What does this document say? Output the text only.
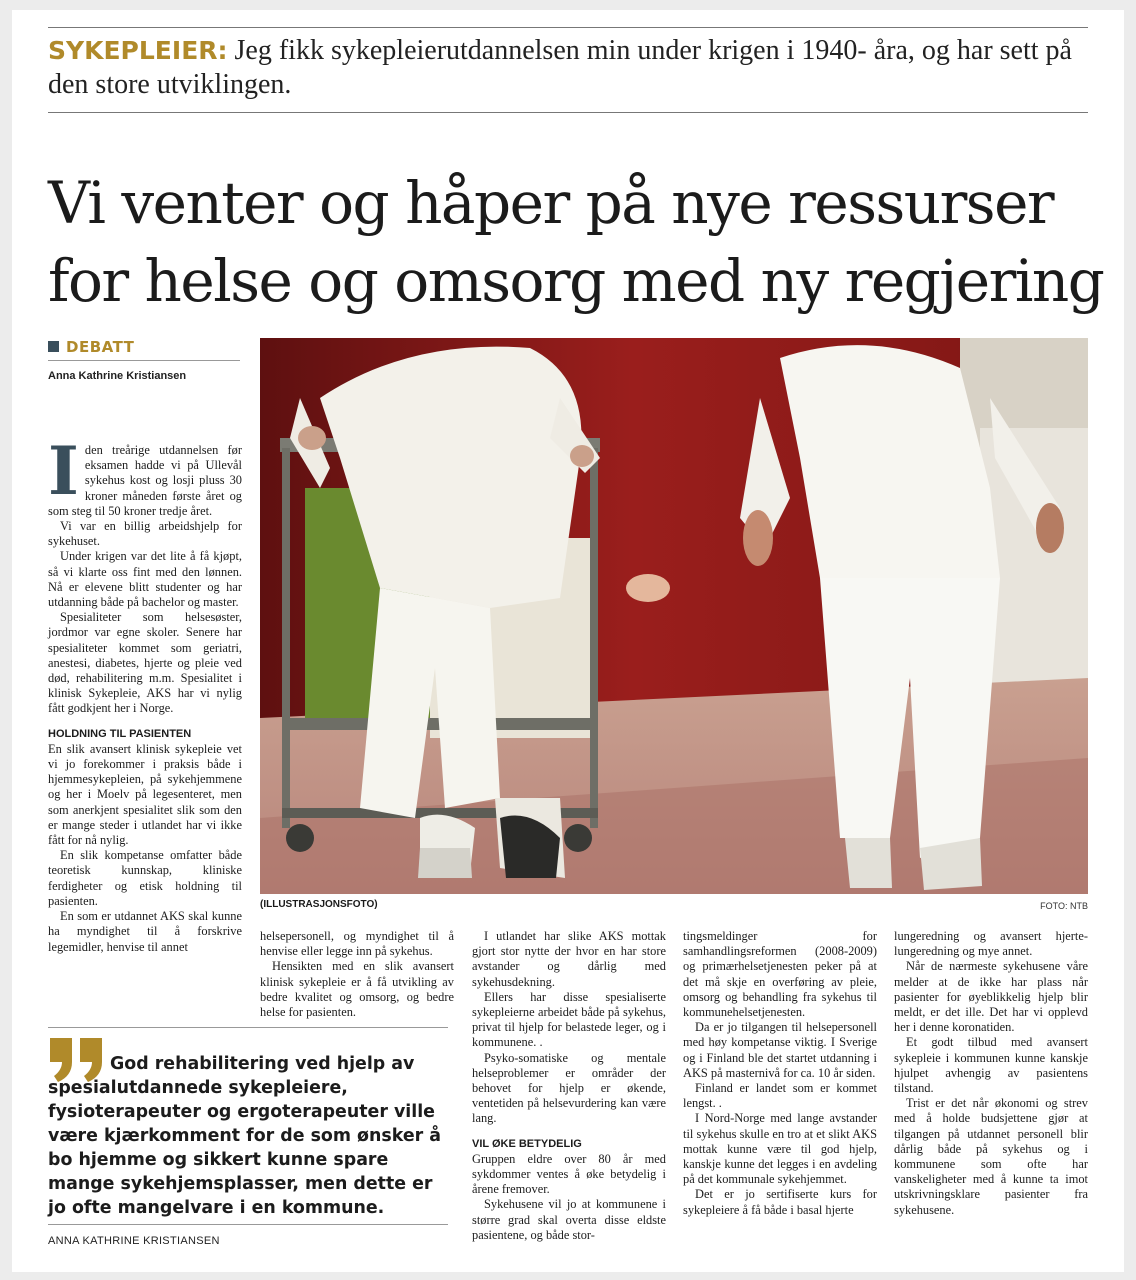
SYKEPLEIER: Jeg fikk sykepleierutdannelsen min under krigen i 1940- åra, og har sett på den store utviklingen.
Vi venter og håper på nye ressurser
for helse og omsorg med ny regjering
DEBATT
Anna Kathrine Kristiansen
(ILLUSTRASJONSFOTO)	FOTO: NTB

I den treårige utdannelsen før eksamen hadde vi på Ullevål sykehus kost og losji pluss 30 kroner måneden første året og som steg til 50 kroner tredje året.

Vi var en billig arbeidshjelp for sykehuset.

Under krigen var det lite å få kjøpt, så vi klarte oss fint med den lønnen. Nå er elevene blitt studenter og har utdanning både på bachelor og master.

Spesialiteter som helsesøster, jordmor var egne skoler. Senere har spesialiteter kommet som geriatri, anestesi, diabetes, hjerte og pleie ved død, rehabilitering m.m. Spesialitet i klinisk Sykepleie, AKS har vi nylig fått godkjent her i Norge.

HOLDNING TIL PASIENTEN

En slik avansert klinisk sykepleie vet vi jo forekommer i praksis både i hjemmesykepleien, på sykehjemmene og her i Moelv på legesenteret, men som anerkjent spesialitet slik som den er mange steder i utlandet har vi ikke fått for nå nylig.

En slik kompetanse omfatter både teoretisk kunnskap, kliniske ferdigheter og etisk holdning til pasienten.

En som er utdannet AKS skal kunne ha myndighet til å forskrive legemidler, henvise til annet

helsepersonell, og myndighet til å henvise eller legge inn på sykehus.

Hensikten med en slik avansert klinisk sykepleie er å få utvikling av bedre kvalitet og omsorg, og bedre helse for pasienten.

I utlandet har slike AKS mottak gjort stor nytte der hvor en har store avstander og dårlig med sykehusdekning.

Ellers har disse spesialiserte sykepleierne arbeidet både på sykehus, privat til hjelp for belastede leger, og i kommunene. .

Psyko-somatiske og mentale helseproblemer er områder der behovet for hjelp er økende, ventetiden på helsevurdering kan være lang.

VIL ØKE BETYDELIG

Gruppen eldre over 80 år med sykdommer ventes å øke betydelig i årene fremover.

Sykehusene vil jo at kommunene i større grad skal overta disse eldste pasientene, og både stor-

tingsmeldinger for samhandlingsreformen (2008-2009) og primærhelsetjenesten peker på at det må skje en overføring av pleie, omsorg og behandling fra sykehus til kommunehelsetjenesten.

Da er jo tilgangen til helsepersonell med høy kompetanse viktig. I Sverige og i Finland ble det startet utdanning i AKS på masternivå for ca. 10 år siden.

Finland er landet som er kommet lengst. .

I Nord-Norge med lange avstander til sykehus skulle en tro at et slikt AKS mottak kunne være til god hjelp, kanskje kunne det legges i en avdeling på det kommunale sykehjemmet.

Det er jo sertifiserte kurs for sykepleiere å få både i basal hjerte

lungeredning og avansert hjerte-lungeredning og mye annet.

Når de nærmeste sykehusene våre melder at de ikke har plass når pasienter for øyeblikkelig hjelp blir meldt, er det ille. Det har vi opplevd her i denne koronatiden.

Et godt tilbud med avansert sykepleie i kommunen kunne kanskje hjulpet avhengig av pasientens tilstand.

Trist er det når økonomi og strev med å holde budsjettene gjør at tilgangen på utdannet personell blir dårlig både på sykehus og i kommunene som ofte har vanskeligheter med å kunne ta imot utskrivningsklare pasienter fra sykehusene.

God rehabilitering ved hjelp av spesialutdannede sykepleiere, fysioterapeuter og ergoterapeuter ville være kjærkomment for de som ønsker å bo hjemme og sikkert kunne spare mange sykehjemsplasser, men dette er jo ofte mangelvare i en kommune.
ANNA KATHRINE KRISTIANSEN
